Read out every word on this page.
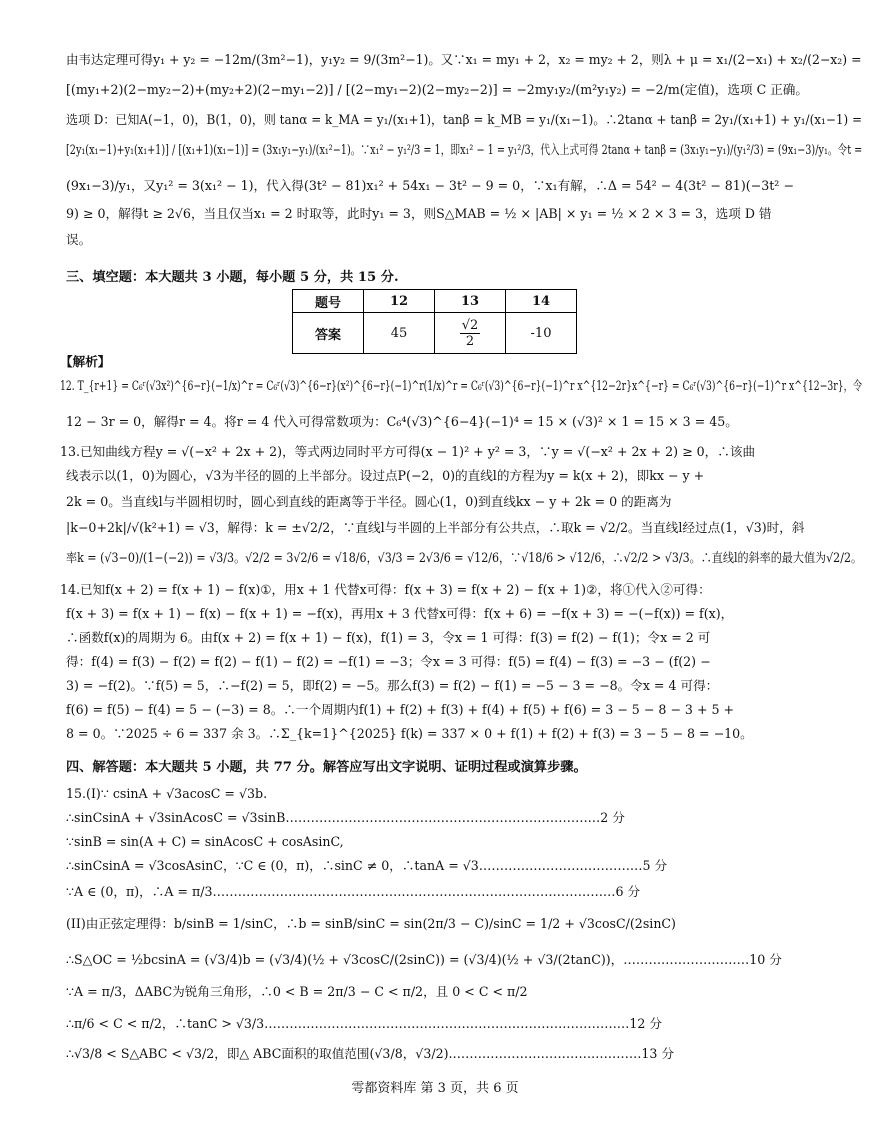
由韦达定理可得y₁ + y₂ = −12m/(3m²−1)，y₁y₂ = 9/(3m²−1)。又∵x₁ = my₁ + 2，x₂ = my₂ + 2，则λ + μ = x₁/(2−x₁) + x₂/(2−x₂) =
[(my₁+2)(2−my₂−2)+(my₂+2)(2−my₁−2)] / [(2−my₁−2)(2−my₂−2)] = −2my₁y₂/(m²y₁y₂) = −2/m(定值)，选项 C 正确。
选项 D：已知A(−1，0)，B(1，0)，则 tanα = k_MA = y₁/(x₁+1)，tanβ = k_MB = y₁/(x₁−1)。∴2tanα + tanβ = 2y₁/(x₁+1) + y₁/(x₁−1) =
[2y₁(x₁−1)+y₁(x₁+1)] / [(x₁+1)(x₁−1)] = (3x₁y₁−y₁)/(x₁²−1)。∵x₁² − y₁²/3 = 1，即x₁² − 1 = y₁²/3，代入上式可得 2tanα + tanβ = (3x₁y₁−y₁)/(y₁²/3) = (9x₁−3)/y₁。令t =
(9x₁−3)/y₁，又y₁² = 3(x₁² − 1)，代入得(3t² − 81)x₁² + 54x₁ − 3t² − 9 = 0，∵x₁有解，∴Δ = 54² − 4(3t² − 81)(−3t² −
9) ≥ 0，解得t ≥ 2√6，当且仅当x₁ = 2 时取等，此时y₁ = 3，则S△MAB = ½ × |AB| × y₁ = ½ × 2 × 3 = 3，选项 D 错
误。
三、填空题：本大题共 3 小题，每小题 5 分，共 15 分.
题号	12	13	14
答案	45	$\frac{√2}{2}$	-10
【解析】
12. T_{r+1} = C₆ʳ(√3x²)^{6−r}(−1/x)^r = C₆ʳ(√3)^{6−r}(x²)^{6−r}(−1)^r(1/x)^r = C₆ʳ(√3)^{6−r}(−1)^r x^{12−2r}x^{−r} = C₆ʳ(√3)^{6−r}(−1)^r x^{12−3r}，令
12 − 3r = 0，解得r = 4。将r = 4 代入可得常数项为：C₆⁴(√3)^{6−4}(−1)⁴ = 15 × (√3)² × 1 = 15 × 3 = 45。
13.已知曲线方程y = √(−x² + 2x + 2)，等式两边同时平方可得(x − 1)² + y² = 3，∵y = √(−x² + 2x + 2) ≥ 0，∴该曲
线表示以(1，0)为圆心，√3为半径的圆的上半部分。设过点P(−2，0)的直线l的方程为y = k(x + 2)，即kx − y +
2k = 0。当直线l与半圆相切时，圆心到直线的距离等于半径。圆心(1，0)到直线kx − y + 2k = 0 的距离为
|k−0+2k|/√(k²+1) = √3，解得：k = ±√2/2，∵直线l与半圆的上半部分有公共点，∴取k = √2/2。当直线l经过点(1，√3)时，斜
率k = (√3−0)/(1−(−2)) = √3/3。√2/2 = 3√2/6 = √18/6，√3/3 = 2√3/6 = √12/6，∵√18/6 > √12/6，∴√2/2 > √3/3。∴直线l的斜率的最大值为√2/2。
14.已知f(x + 2) = f(x + 1) − f(x)①，用x + 1 代替x可得：f(x + 3) = f(x + 2) − f(x + 1)②，将①代入②可得：
f(x + 3) = f(x + 1) − f(x) − f(x + 1) = −f(x)，再用x + 3 代替x可得：f(x + 6) = −f(x + 3) = −(−f(x)) = f(x)，
∴函数f(x)的周期为 6。由f(x + 2) = f(x + 1) − f(x)，f(1) = 3，令x = 1 可得：f(3) = f(2) − f(1)；令x = 2 可
得：f(4) = f(3) − f(2) = f(2) − f(1) − f(2) = −f(1) = −3；令x = 3 可得：f(5) = f(4) − f(3) = −3 − (f(2) −
3) = −f(2)。∵f(5) = 5，∴−f(2) = 5，即f(2) = −5。那么f(3) = f(2) − f(1) = −5 − 3 = −8。令x = 4 可得：
f(6) = f(5) − f(4) = 5 − (−3) = 8。∴一个周期内f(1) + f(2) + f(3) + f(4) + f(5) + f(6) = 3 − 5 − 8 − 3 + 5 +
8 = 0。∵2025 ÷ 6 = 337 余 3。∴Σ_{k=1}^{2025} f(k) = 337 × 0 + f(1) + f(2) + f(3) = 3 − 5 − 8 = −10。
四、解答题：本大题共 5 小题，共 77 分。解答应写出文字说明、证明过程或演算步骤。
15.(I)∵ csinA + √3acosC = √3b.
∴sinCsinA + √3sinAcosC = √3sinB…………………………………………………………………2 分
∵sinB = sin(A + C) = sinAcosC + cosAsinC,
∴sinCsinA = √3cosAsinC，∵C ∈ (0，π)，∴sinC ≠ 0，∴tanA = √3…………………………………5 分
∵A ∈ (0，π)，∴A = π/3……………………………………………………………………………………6 分
(II)由正弦定理得：b/sinB = 1/sinC，∴b = sinB/sinC = sin(2π/3 − C)/sinC = 1/2 + √3cosC/(2sinC)
∴S△OC = ½bcsinA = (√3/4)b = (√3/4)(½ + √3cosC/(2sinC)) = (√3/4)(½ + √3/(2tanC))，…………………………10 分
∵A = π/3，ΔABC为锐角三角形，∴0 < B = 2π/3 − C < π/2，且 0 < C < π/2
∴π/6 < C < π/2，∴tanC > √3/3……………………………………………………………………………12 分
∴√3/8 < S△ABC < √3/2，即△ ABC面积的取值范围(√3/8，√3/2).………………………………………13 分
雩都资料库 第 3 页，共 6 页
